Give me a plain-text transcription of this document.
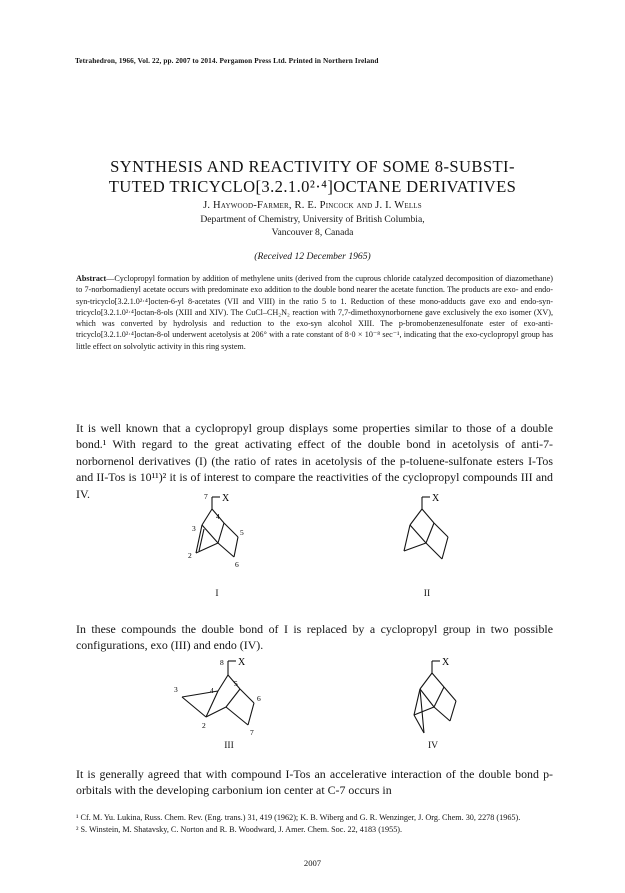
Tetrahedron, 1966, Vol. 22, pp. 2007 to 2014. Pergamon Press Ltd. Printed in Northern Ireland
SYNTHESIS AND REACTIVITY OF SOME 8-SUBSTI-
TUTED TRICYCLO[3.2.1.0²·⁴]OCTANE DERIVATIVES
J. Haywood-Farmer, R. E. Pincock and J. I. Wells
Department of Chemistry, University of British Columbia,
Vancouver 8, Canada
(Received 12 December 1965)
Abstract—Cyclopropyl formation by addition of methylene units (derived from the cuprous chloride catalyzed decomposition of diazomethane) to 7-norbornadienyl acetate occurs with predominate exo addition to the double bond nearer the acetate function. The products are exo- and endo-syn-tricyclo[3.2.1.0²·⁴]octen-6-yl 8-acetates (VII and VIII) in the ratio 5 to 1. Reduction of these mono-adducts gave exo and endo-syn-tricyclo[3.2.1.0²·⁴]octan-8-ols (XIII and XIV). The CuCl–CH₂N₂ reaction with 7,7-dimethoxynorbornene gave exclusively the exo isomer (XV), which was converted by hydrolysis and reduction to the exo-syn alcohol XIII. The p-bromobenzenesulfonate ester of exo-anti-tricyclo[3.2.1.0²·⁴]octan-8-ol underwent acetolysis at 206° with a rate constant of 8·0 × 10⁻⁸ sec⁻¹, indicating that the exo-cyclopropyl group has little effect on solvolytic activity in this ring system.
It is well known that a cyclopropyl group displays some properties similar to those of a double bond.¹ With regard to the great activating effect of the double bond in acetolysis of anti-7-norbornenol derivatives (I) (the ratio of rates in acetolysis of the p-toluene-sulfonate esters I-Tos and II-Tos is 10¹¹)² it is of interest to compare the reactivities of the cyclopropyl compounds III and IV.	X
7
4
3	5
2
6
I
X
II
In these compounds the double bond of I is replaced by a cyclopropyl group in two possible configurations, exo (III) and endo (IV).
X
8
5
3	4
6
2
7
III
X
IV
It is generally agreed that with compound I-Tos an accelerative interaction of the double bond p-orbitals with the developing carbonium ion center at C-7 occurs in
¹ Cf. M. Yu. Lukina, Russ. Chem. Rev. (Eng. trans.) 31, 419 (1962); K. B. Wiberg and G. R. Wenzinger, J. Org. Chem. 30, 2278 (1965).
² S. Winstein, M. Shatavsky, C. Norton and R. B. Woodward, J. Amer. Chem. Soc. 22, 4183 (1955).
2007
